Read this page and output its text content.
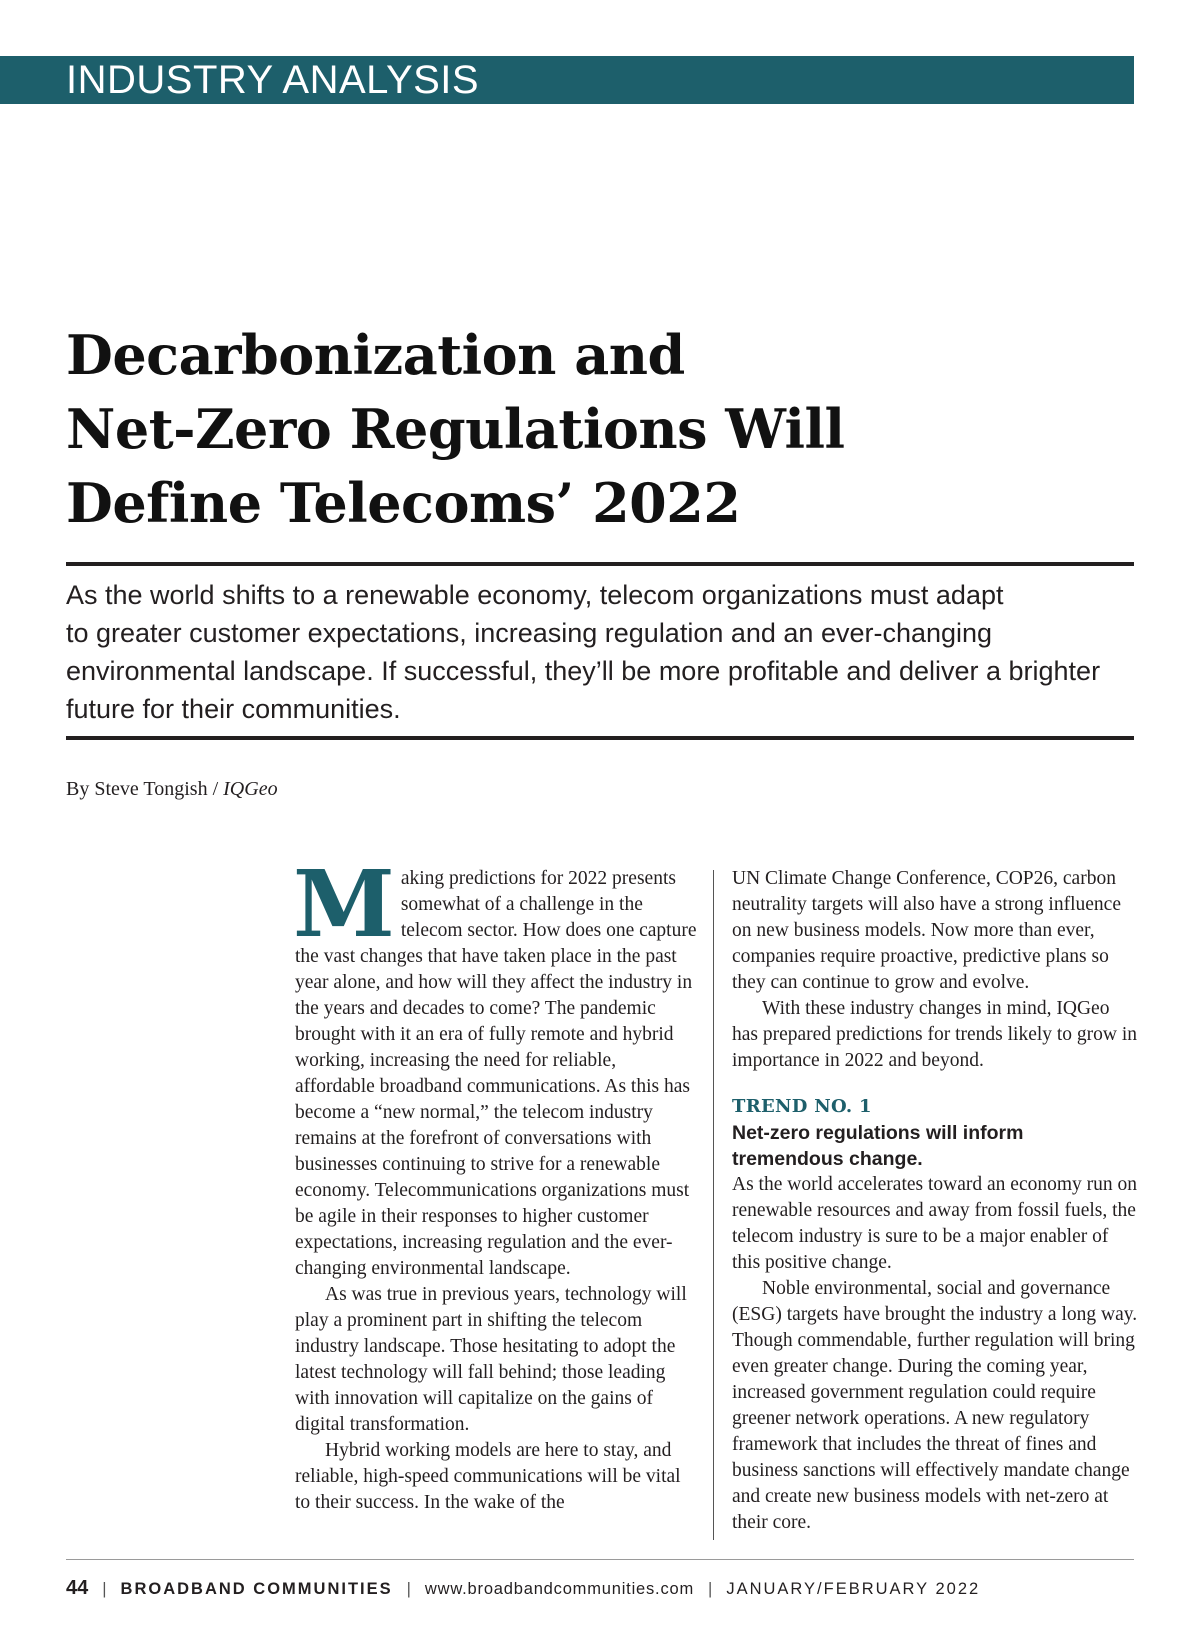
INDUSTRY ANALYSIS
Decarbonization and
Net-Zero Regulations Will
Define Telecoms’ 2022

As the world shifts to a renewable economy, telecom organizations must adapt
to greater customer expectations, increasing regulation and an ever-changing
environmental landscape. If successful, they’ll be more profitable and deliver a brighter
future for their communities.

By Steve Tongish / IQGeo

Making predictions for 2022 presents somewhat of a challenge in the telecom sector. How does one capture the vast changes that have taken place in the past year alone, and how will they affect the industry in the years and decades to come? The pandemic brought with it an era of fully remote and hybrid working, increasing the need for reliable, affordable broadband communications. As this has become a “new normal,” the telecom industry remains at the forefront of conversations with businesses continuing to strive for a renewable economy. Telecommunications organizations must be agile in their responses to higher customer expectations, increasing regulation and the ever-changing environmental landscape.

As was true in previous years, technology will play a prominent part in shifting the telecom industry landscape. Those hesitating to adopt the latest technology will fall behind; those leading with innovation will capitalize on the gains of digital transformation.

Hybrid working models are here to stay, and reliable, high-speed communications will be vital to their success. In the wake of the

UN Climate Change Conference, COP26, carbon neutrality targets will also have a strong influence on new business models. Now more than ever, companies require proactive, predictive plans so they can continue to grow and evolve.

With these industry changes in mind, IQGeo has prepared predictions for trends likely to grow in importance in 2022 and beyond.

TREND NO. 1

Net-zero regulations will inform tremendous change.

As the world accelerates toward an economy run on renewable resources and away from fossil fuels, the telecom industry is sure to be a major enabler of this positive change.

Noble environmental, social and governance (ESG) targets have brought the industry a long way. Though commendable, further regulation will bring even greater change. During the coming year, increased government regulation could require greener network operations. A new regulatory framework that includes the threat of fines and business sanctions will effectively mandate change and create new business models with net-zero at their core.

44 | BROADBAND COMMUNITIES | www.broadbandcommunities.com | JANUARY/FEBRUARY 2022
